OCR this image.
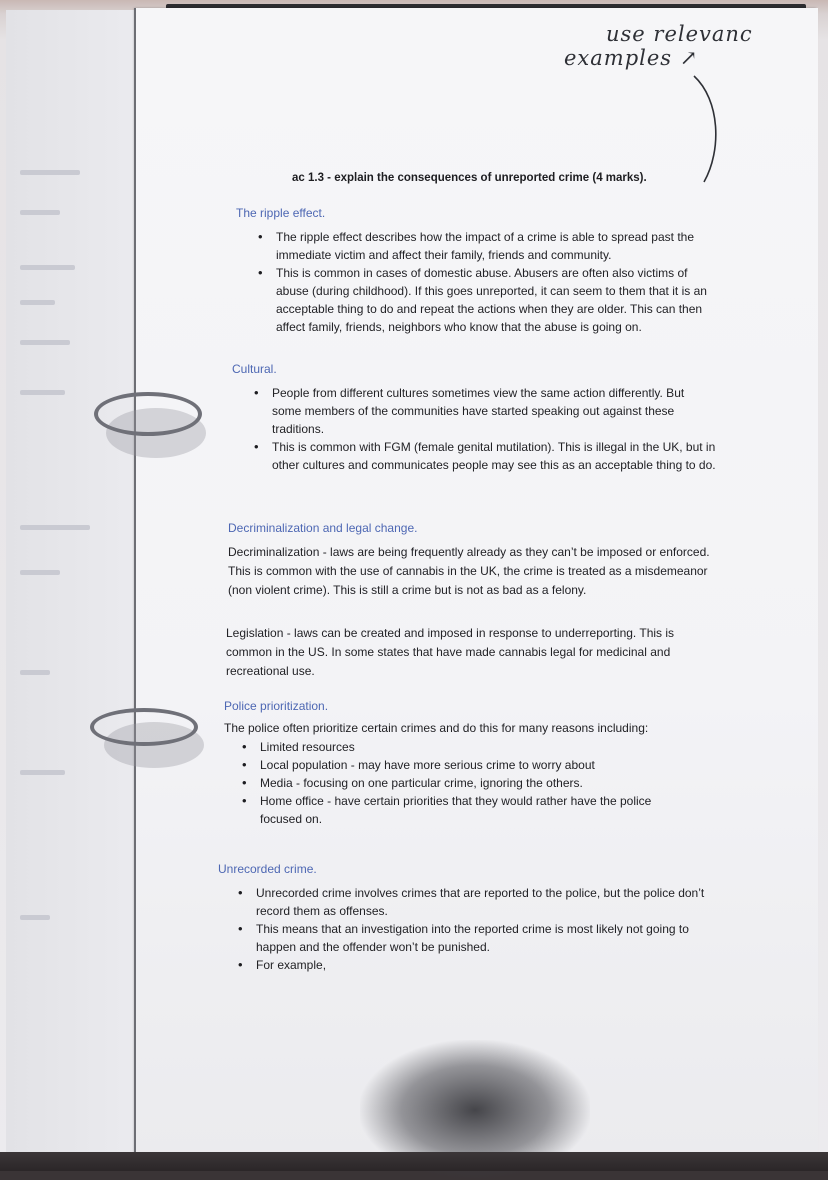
use relevanc
examples ↗
ac 1.3 - explain the consequences of unreported crime (4 marks).
The ripple effect.
• The ripple effect describes how the impact of a crime is able to spread past the immediate victim and affect their family, friends and community.
• This is common in cases of domestic abuse. Abusers are often also victims of abuse (during childhood). If this goes unreported, it can seem to them that it is an acceptable thing to do and repeat the actions when they are older. This can then affect family, friends, neighbors who know that the abuse is going on.
Cultural.
• People from different cultures sometimes view the same action differently. But some members of the communities have started speaking out against these traditions.
• This is common with FGM (female genital mutilation). This is illegal in the UK, but in other cultures and communicates people may see this as an acceptable thing to do.
Decriminalization and legal change.

Decriminalization - laws are being frequently already as they can’t be imposed or enforced. This is common with the use of cannabis in the UK, the crime is treated as a misdemeanor (non violent crime). This is still a crime but is not as bad as a felony.

Legislation - laws can be created and imposed in response to underreporting. This is common in the US. In some states that have made cannabis legal for medicinal and recreational use.

Police prioritization.

The police often prioritize certain crimes and do this for many reasons including:

• Limited resources
• Local population - may have more serious crime to worry about
• Media - focusing on one particular crime, ignoring the others.
• Home office - have certain priorities that they would rather have the police focused on.
Unrecorded crime.
• Unrecorded crime involves crimes that are reported to the police, but the police don’t record them as offenses.
• This means that an investigation into the reported crime is most likely not going to happen and the offender won’t be punished.
• For example,
